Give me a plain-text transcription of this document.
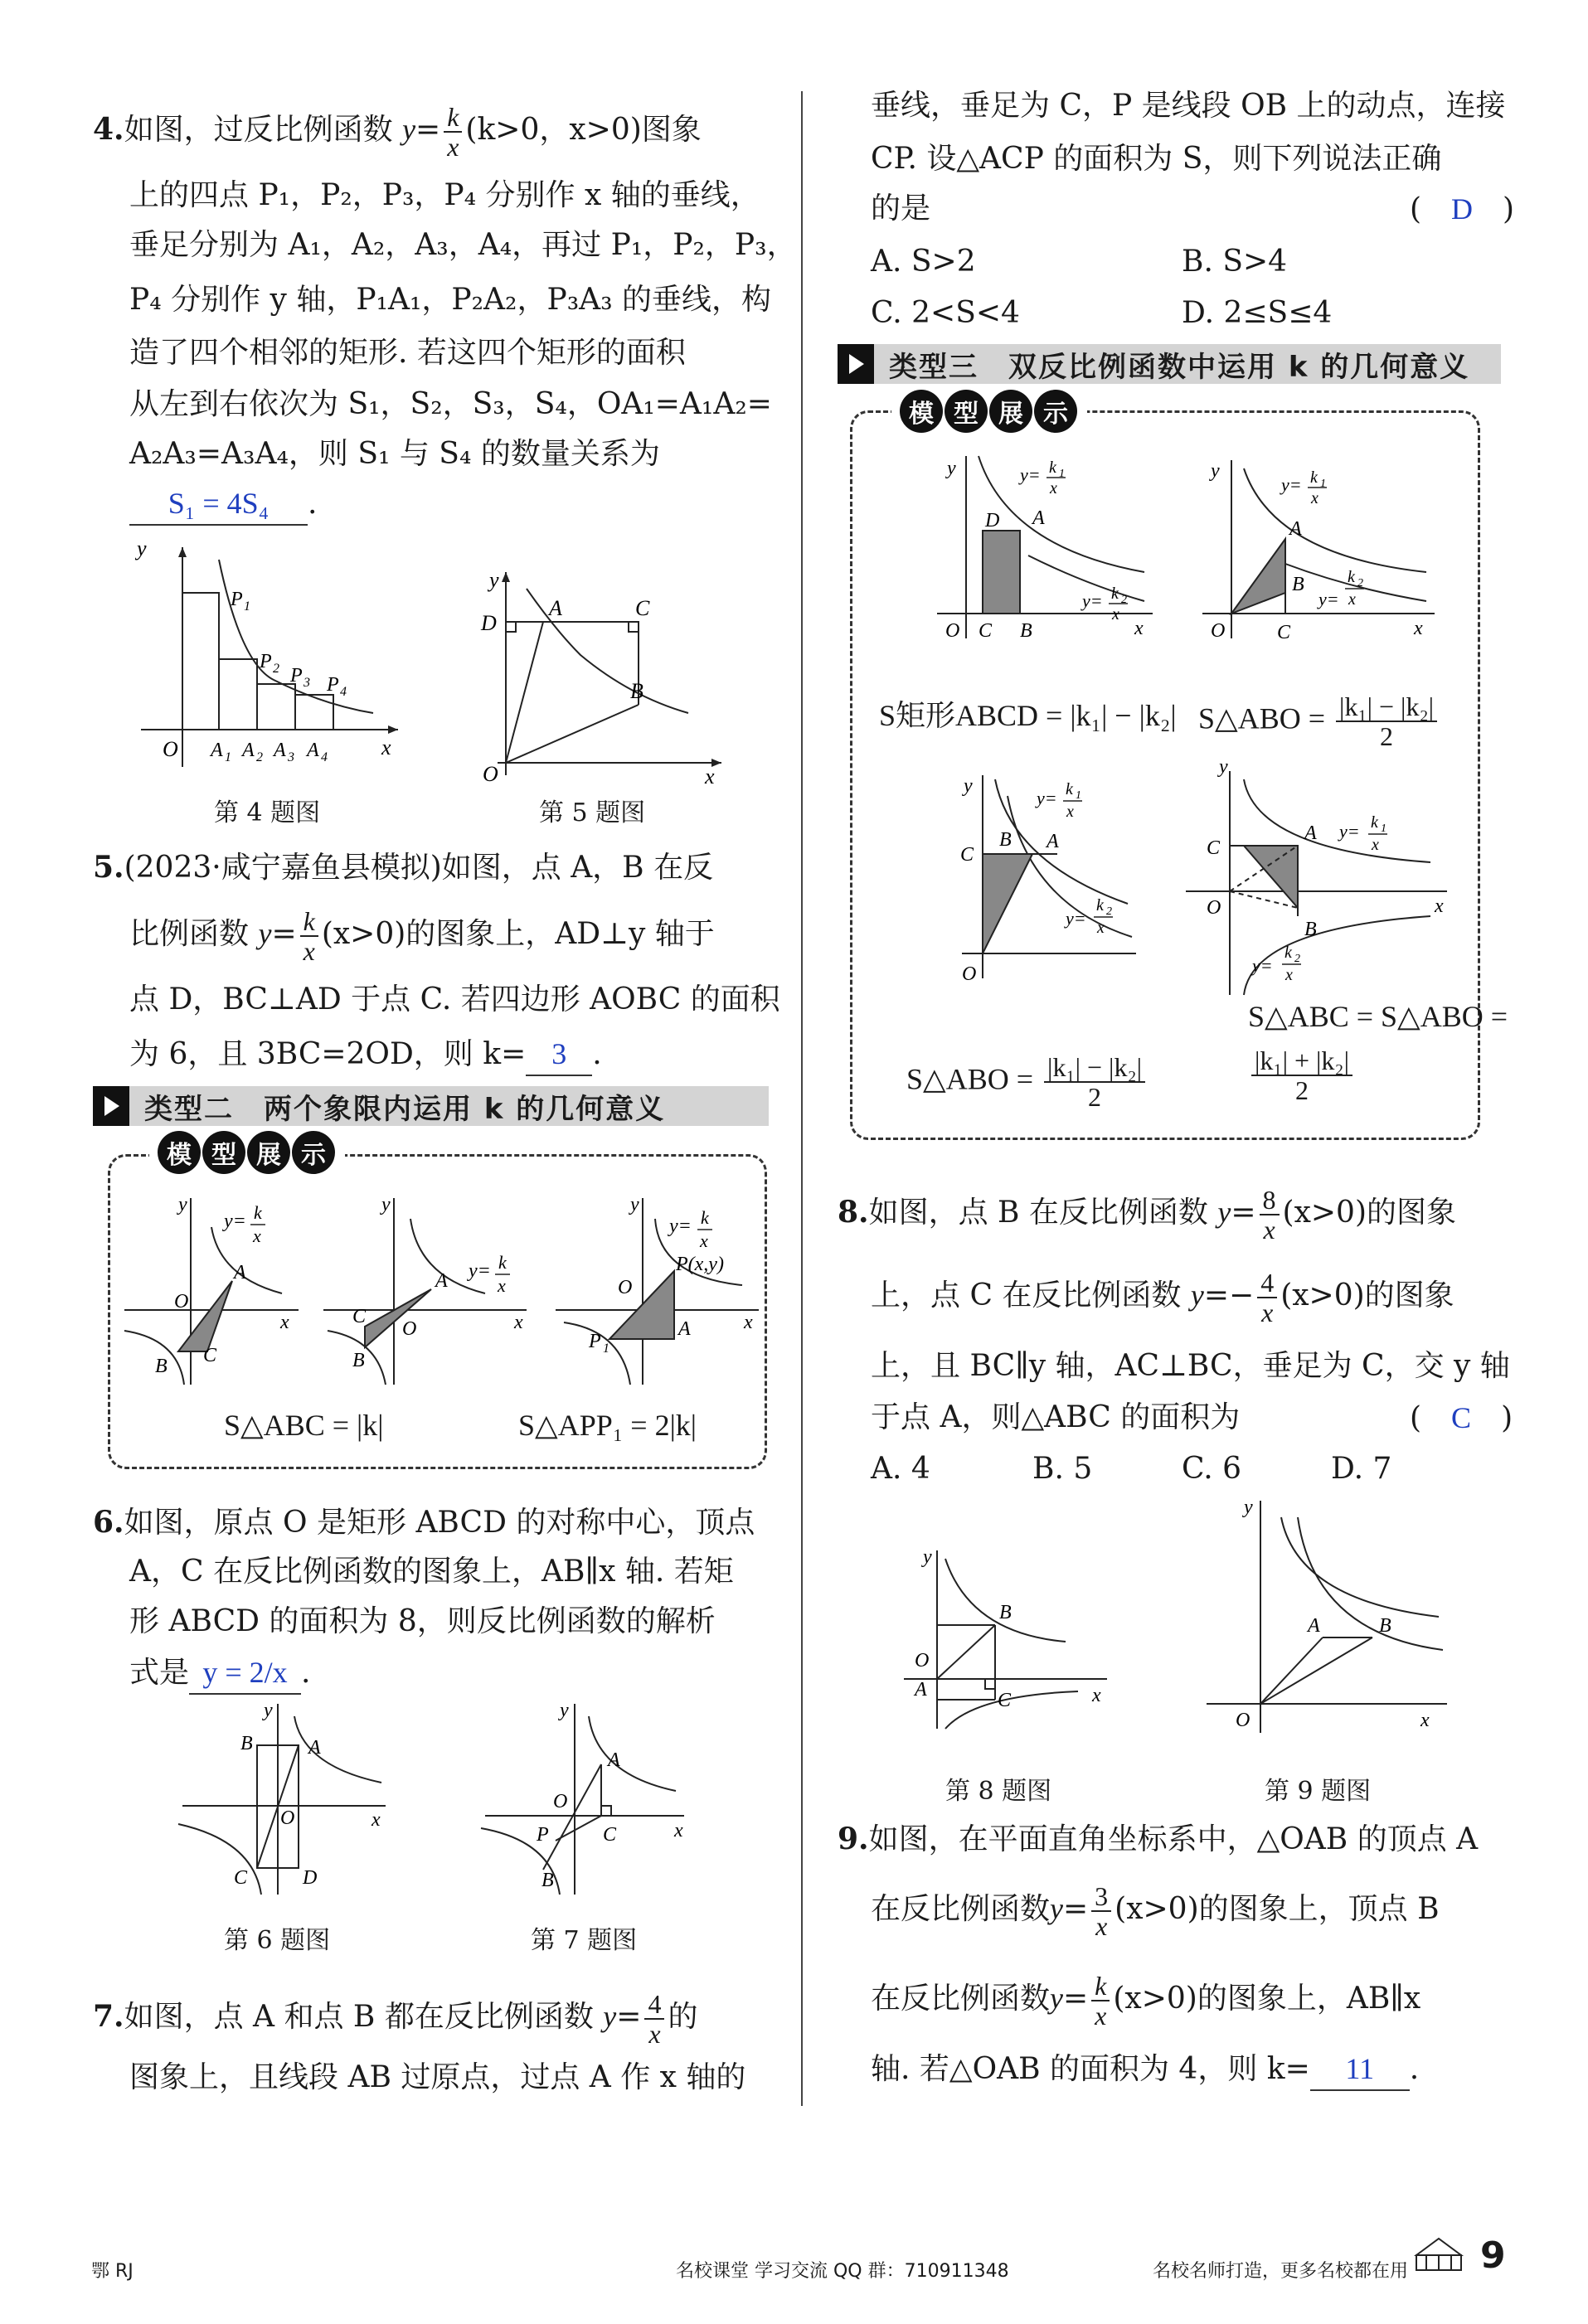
4.如图，过反比例函数 $y= \frac{k}{x} (k>0$，x>0)图象
上的四点 P₁，P₂，P₃，P₄ 分别作 x 轴的垂线，
垂足分别为 A₁，A₂，A₃，A₄，再过 P₁，P₂，P₃，
P₄ 分别作 y 轴，P₁A₁，P₂A₂，P₃A₃ 的垂线，构
造了四个相邻的矩形. 若这四个矩形的面积
从左到右依次为 S₁，S₂，S₃，S₄，OA₁=A₁A₂=
A₂A₃=A₃A₄，则 S₁ 与 S₄ 的数量关系为
S₁ = 4S₄ .
y
O	x
P 1
P 2 P 3 P 4
A 1 A 2 A 3 A 4
第 4 题图
y
D
A	C
B
O	x
第 5 题图
5.(2023·咸宁嘉鱼县模拟)如图，点 A，B 在反
比例函数 $y= \frac{k}{x} (x>0)$的图象上，AD⊥y 轴于
点 D，BC⊥AD 于点 C. 若四边形 AOBC 的面积
为 6，且 3BC=2OD，则 k= 3 .
类型二　两个象限内运用 k 的几何意义
模 型 展 示
y
y= k
x
A
O
B C
x
y
A
C
B
O
y= k
x
x
y
y= k
x
P(x,y)
O
P 1
A	x
S△ABC = |k|	S△APP₁ = 2|k|
6.如图，原点 O 是矩形 ABCD 的对称中心，顶点
A，C 在反比例函数的图象上，AB∥x 轴. 若矩
形 ABCD 的面积为 8，则反比例函数的解析
式是 y = 2/x .
y
B	A
O
C	D
x
第 6 题图
y
A
O
P	C
B
x
第 7 题图
7.如图，点 A 和点 B 都在反比例函数 $y= \frac{4}{x}$ 的
图象上，且线段 AB 过原点，过点 A 作 x 轴的
垂线，垂足为 C，P 是线段 OB 上的动点，连接
CP. 设△ACP 的面积为 S，则下列说法正确
的是	(　D　)
A. S>2	B. S>4
C. 2<S<4	D. 2≤S≤4
类型三　双反比例函数中运用 k 的几何意义
模 型 展 示
y	y= k 1
x
D A
y= k 2
x
O C B	x
y
y= k 1
x
A
B
y=
k 2
x
O	C	x
S矩形ABCD = |k₁| − |k₂| S△ABO = $\frac{\text{|k₁| − |k₂|}}{2}$
y
y= k 1
x
C
B A
y=
k 2
x
O
y
y= k 1
x
C
A
O
B
x
y=
k 2
x
S△ABO = $\frac{\text{|k₁| − |k₂|}}{2}$
S△ABC = S△ABO =
$\frac{\text{|k₁| + |k₂|}}{2}$
8.如图，点 B 在反比例函数 $y= \frac{8}{x} (x>0)$的图象
上，点 C 在反比例函数 $y=- \frac{4}{x} (x>0)$的图象
上，且 BC∥y 轴，AC⊥BC，垂足为 C，交 y 轴
于点 A，则△ABC 的面积为	(　C　)
A. 4	B. 5	C. 6	D. 7
y
B
O
A	C	x
第 8 题图
y
A	B
O	x
第 9 题图
9.如图，在平面直角坐标系中，△OAB 的顶点 A
在反比例函数$y= \frac{3}{x} (x>0)$的图象上，顶点 B
在反比例函数$y= \frac{k}{x} (x>0)$的图象上，AB∥x
轴. 若△OAB 的面积为 4，则 k= 11 .
鄂 RJ	名校课堂 学习交流 QQ 群：710911348	名校名师打造，更多名校都在用 9
